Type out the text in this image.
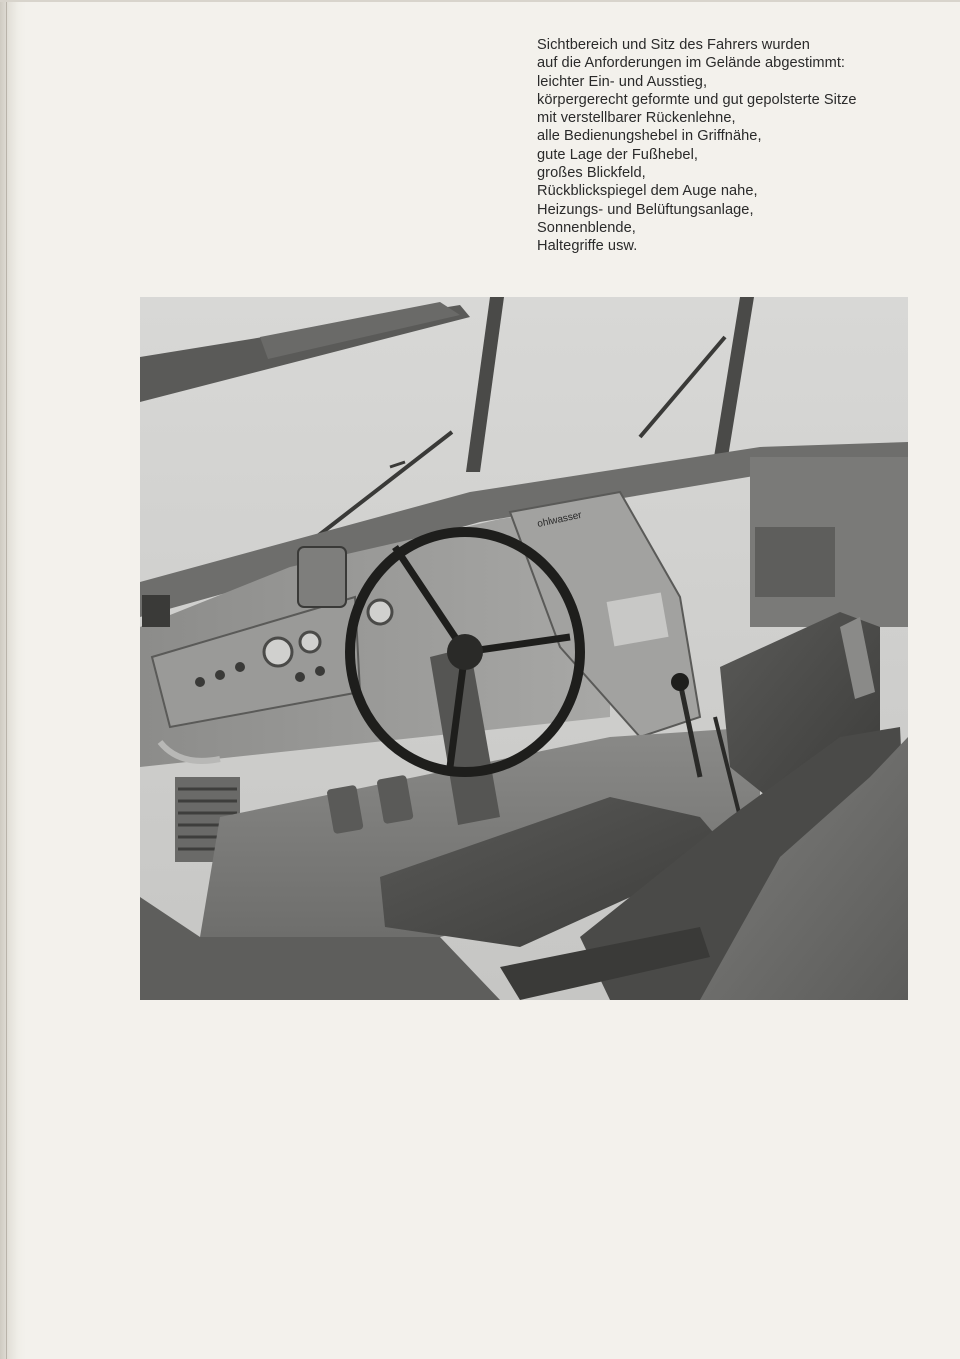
Sichtbereich und Sitz des Fahrers wurden
auf die Anforderungen im Gelände abgestimmt:
leichter Ein- und Ausstieg,
körpergerecht geformte und gut gepolsterte Sitze
mit verstellbarer Rückenlehne,
alle Bedienungshebel in Griffnähe,
gute Lage der Fußhebel,
großes Blickfeld,
Rückblickspiegel dem Auge nahe,
Heizungs- und Belüftungsanlage,
Sonnenblende,
Haltegriffe usw.
ohlwasser
